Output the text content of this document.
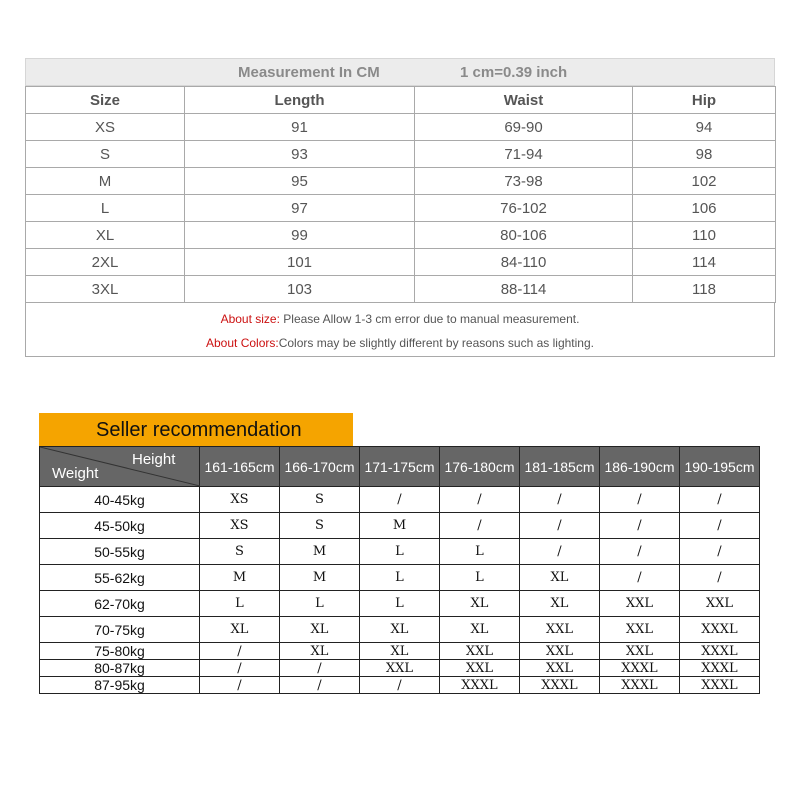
Measurement In CM	1 cm=0.39 inch
Size	Length	Waist	Hip
XS	91	69-90	94
S	93	71-94	98
M	95	73-98	102
L	97	76-102	106
XL	99	80-106	110
2XL	101	84-110	114
3XL	103	88-114	118
About size: Please Allow 1-3 cm error due to manual measurement.
About Colors:Colors may be slightly different by reasons such as lighting.
Seller recommendation
Height
Weight	161-165cm	166-170cm	171-175cm	176-180cm	181-185cm	186-190cm	190-195cm
40-45kg	XS	S	/	/	/	/	/
45-50kg	XS	S	M	/	/	/	/
50-55kg	S	M	L	L	/	/	/
55-62kg	M	M	L	L	XL	/	/
62-70kg	L	L	L	XL	XL	XXL	XXL
70-75kg	XL	XL	XL	XL	XXL	XXL	XXXL
75-80kg	/	XL	XL	XXL	XXL	XXL	XXXL
80-87kg	/	/	XXL	XXL	XXL	XXXL	XXXL
87-95kg	/	/	/	XXXL	XXXL	XXXL	XXXL
